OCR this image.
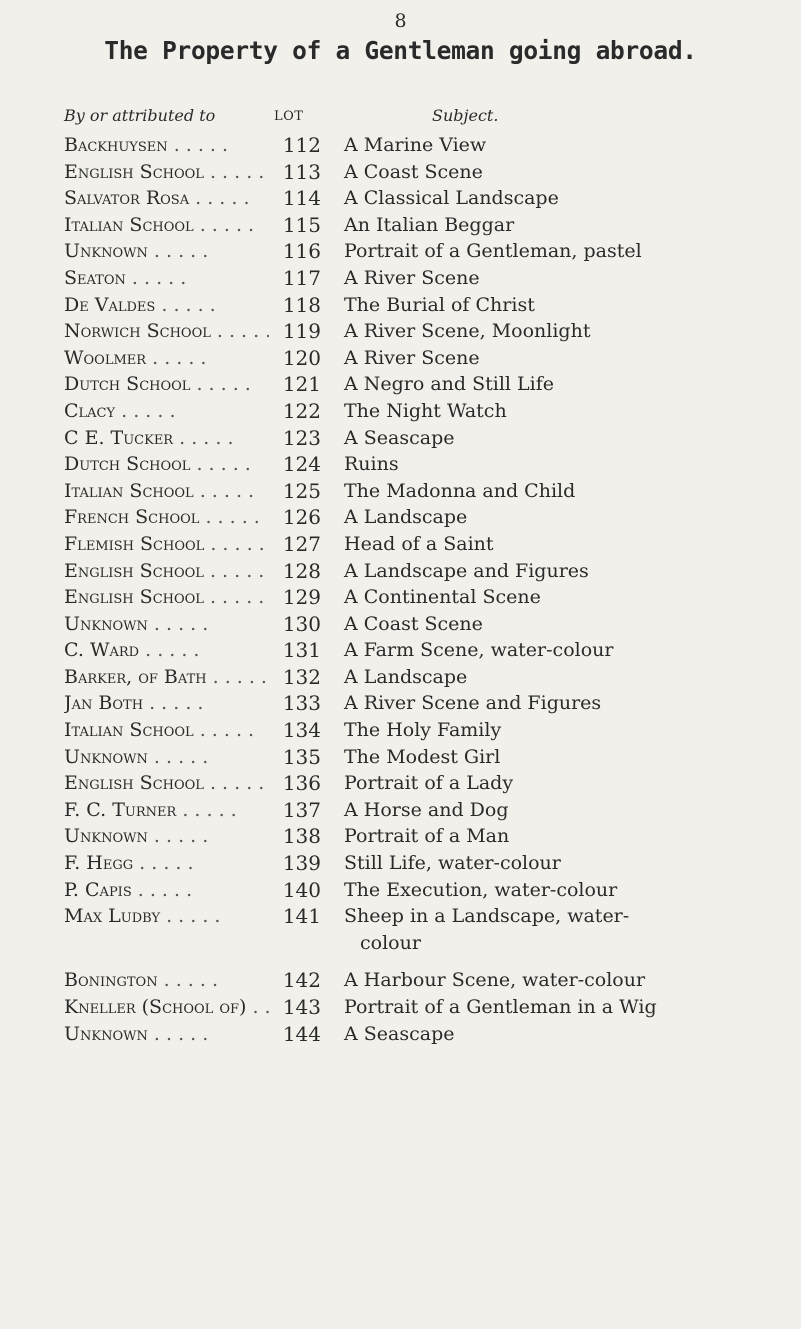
8
The Property of a Gentleman going abroad.
By or attributed to	LOT	Subject.
Backhuysen . .	112 A Marine View
English School . .	113 A Coast Scene
Salvator Rosa . .	114 A Classical Landscape
Italian School . .	115 An Italian Beggar
Unknown . .	116 Portrait of a Gentleman, pastel
Seaton . .	117 A River Scene
De Valdes . .	118 The Burial of Christ
Norwich School . .	119 A River Scene, Moonlight
Woolmer . .	120 A River Scene
Dutch School . .	121 A Negro and Still Life
Clacy . .	122 The Night Watch
C E. Tucker . .	123 A Seascape
Dutch School . .	124 Ruins
Italian School . .	125 The Madonna and Child
French School . .	126 A Landscape
Flemish School . .	127 Head of a Saint
English School . .	128 A Landscape and Figures
English School . .	129 A Continental Scene
Unknown . .	130 A Coast Scene
C. Ward . .	131 A Farm Scene, water-colour
Barker, of Bath . .	132 A Landscape
Jan Both . .	133 A River Scene and Figures
Italian School . .	134 The Holy Family
Unknown . .	135 The Modest Girl
English School . .	136 Portrait of a Lady
F. C. Turner . .	137 A Horse and Dog
Unknown . .	138 Portrait of a Man
F. Hegg . .	139 Still Life, water-colour
P. Capis . .	140 The Execution, water-colour
Max Ludby . .	141 Sheep in a Landscape, water-
colour
Bonington . .	142 A Harbour Scene, water-colour
Kneller (School of) . .	143 Portrait of a Gentleman in a Wig
Unknown . .	144 A Seascape
